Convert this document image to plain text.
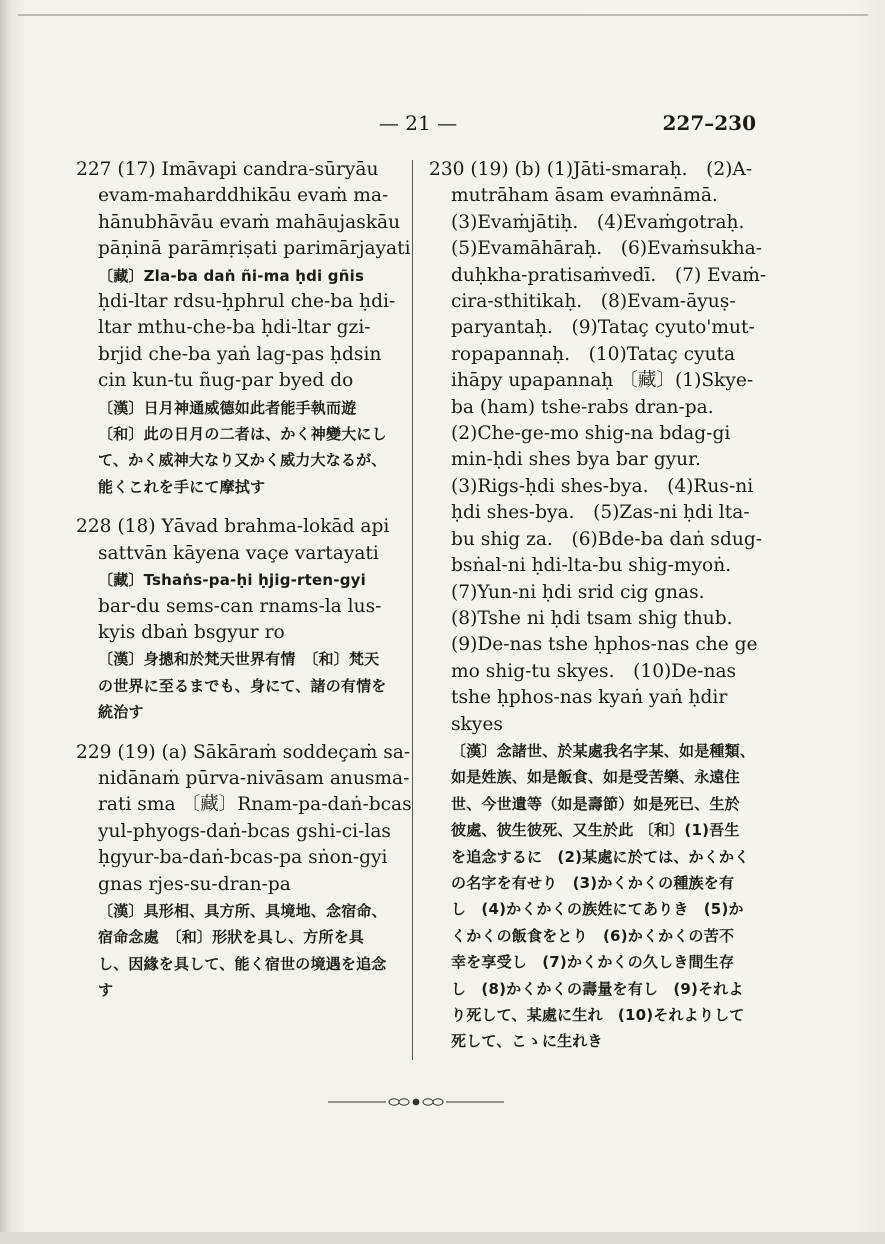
— 21 —	227–230

227 (17) Imāvapi candra-sūryāu

evam-maharddhikāu evaṁ ma-

hānubhāvāu evaṁ mahāujaskāu

pāṇinā parāmṛiṣati parimārjayati

〔藏〕Zla-ba daṅ ñi-ma ḥdi gñis

ḥdi-ltar rdsu-ḥphrul che-ba ḥdi-

ltar mthu-che-ba ḥdi-ltar gzi-

brjid che-ba yaṅ lag-pas ḥdsin

cin kun-tu ñug-par byed do

〔漢〕日月神通威德如此者能手執而遊

〔和〕此の日月の二者は、かく神變大にし

て、かく威神大なり又かく威力大なるが、

能くこれを手にて摩拭す

228 (18) Yāvad brahma-lokād api

sattvān kāyena vaçe vartayati

〔藏〕Tshaṅs-pa-ḥi ḥjig-rten-gyi

bar-du sems-can rnams-la lus-

kyis dbaṅ bsgyur ro

〔漢〕身摠和於梵天世界有情　〔和〕梵天

の世界に至るまでも、身にて、諸の有情を

統治す

229 (19) (a) Sākāraṁ soddeçaṁ sa-

nidānaṁ pūrva-nivāsam anusma-

rati sma 〔藏〕Rnam-pa-daṅ-bcas

yul-phyogs-daṅ-bcas gshi-ci-las

ḥgyur-ba-daṅ-bcas-pa sṅon-gyi

gnas rjes-su-dran-pa

〔漢〕具形相、具方所、具境地、念宿命、

宿命念處　〔和〕形狀を具し、方所を具

し、因緣を具して、能く宿世の境遇を追念

す

230 (19) (b) (1)Jāti-smaraḥ.　(2)A-

mutrāham āsam evaṁnāmā.

(3)Evaṁjātiḥ.　(4)Evaṁgotraḥ.

(5)Evamāhāraḥ.　(6)Evaṁsukha-

duḥkha-pratisaṁvedī.　(7) Evaṁ-

cira-sthitikaḥ.　(8)Evam-āyuṣ-

paryantaḥ.　(9)Tataç cyuto'mut-

ropapannaḥ.　(10)Tataç cyuta

ihāpy upapannaḥ 〔藏〕(1)Skye-

ba (ham) tshe-rabs dran-pa.

(2)Che-ge-mo shig-na bdag-gi

min-ḥdi shes bya bar gyur.

(3)Rigs-ḥdi shes-bya.　(4)Rus-ni

ḥdi shes-bya.　(5)Zas-ni ḥdi lta-

bu shig za.　(6)Bde-ba daṅ sdug-

bsṅal-ni ḥdi-lta-bu shig-myoṅ.

(7)Yun-ni ḥdi srid cig gnas.

(8)Tshe ni ḥdi tsam shig thub.

(9)De-nas tshe ḥphos-nas che ge

mo shig-tu skyes.　(10)De-nas

tshe ḥphos-nas kyaṅ yaṅ ḥdir

skyes

〔漢〕念諸世、於某處我名字某、如是種類、

如是姓族、如是飯食、如是受苦樂、永遠住

世、今世遺等（如是壽節）如是死已、生於

彼處、彼生彼死、又生於此 〔和〕(1)吾生

を追念するに　(2)某處に於ては、かくかく

の名字を有せり　(3)かくかくの種族を有

し　(4)かくかくの族姓にてありき　(5)か

くかくの飯食をとり　(6)かくかくの苦不

幸を享受し　(7)かくかくの久しき間生存

し　(8)かくかくの壽量を有し　(9)それよ

り死して、某處に生れ　(10)それよりして

死して、こゝに生れき
